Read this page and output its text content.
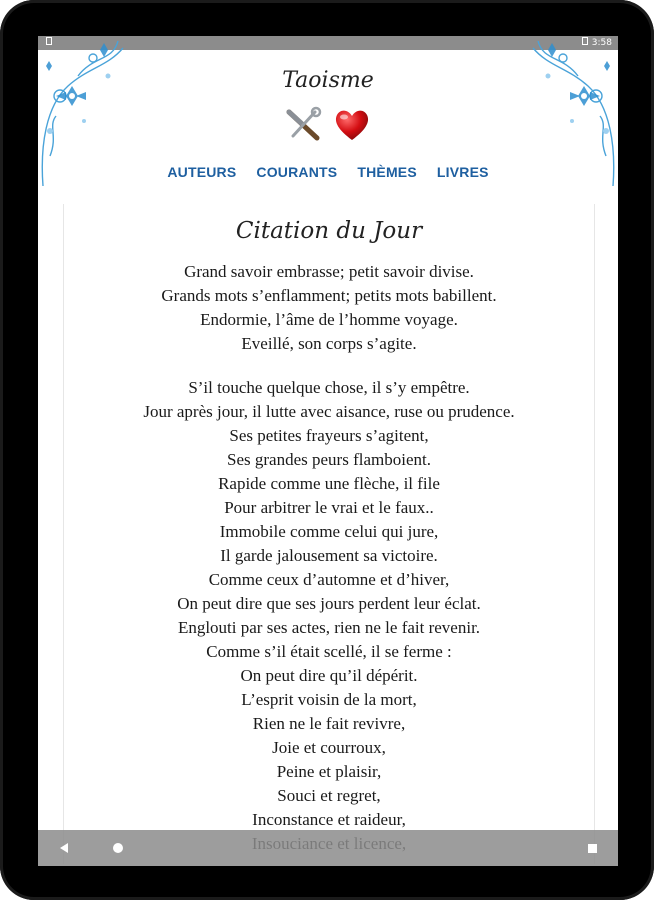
3:58
Taoisme
AUTEURS COURANTS THÈMES LIVRES
Citation du Jour
Grand savoir embrasse; petit savoir divise.
Grands mots s’enflamment; petits mots babillent.
Endormie, l’âme de l’homme voyage.
Eveillé, son corps s’agite.
S’il touche quelque chose, il s’y empêtre.
Jour après jour, il lutte avec aisance, ruse ou prudence.
Ses petites frayeurs s’agitent,
Ses grandes peurs flamboient.
Rapide comme une flèche, il file
Pour arbitrer le vrai et le faux..
Immobile comme celui qui jure,
Il garde jalousement sa victoire.
Comme ceux d’automne et d’hiver,
On peut dire que ses jours perdent leur éclat.
Englouti par ses actes, rien ne le fait revenir.
Comme s’il était scellé, il se ferme :
On peut dire qu’il dépérit.
L’esprit voisin de la mort,
Rien ne le fait revivre,
Joie et courroux,
Peine et plaisir,
Souci et regret,
Inconstance et raideur,
